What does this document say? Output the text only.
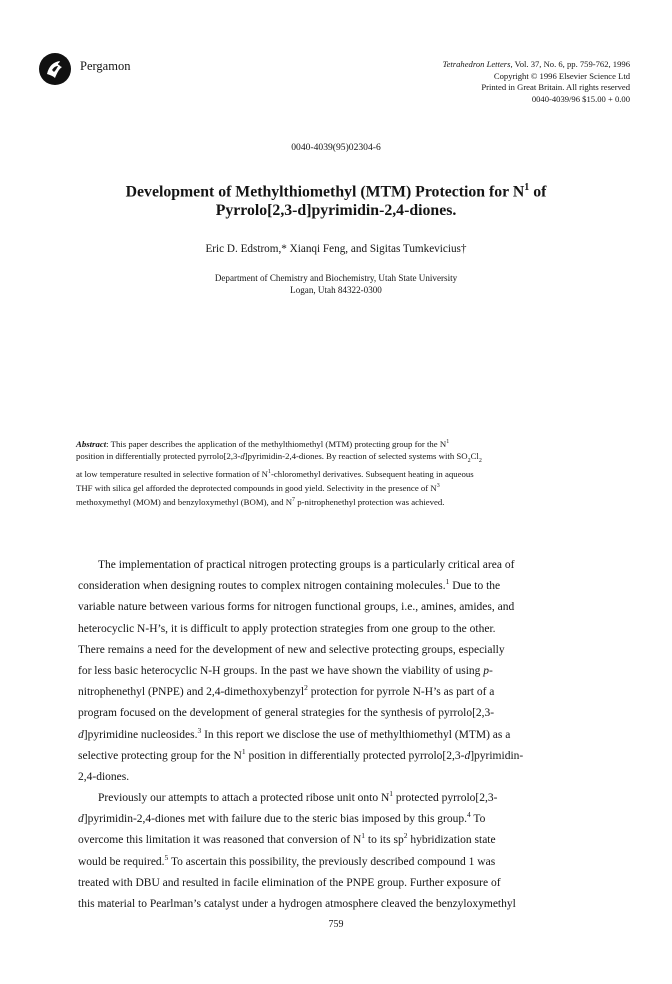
Pergamon	Tetrahedron Letters, Vol. 37, No. 6, pp. 759-762, 1996
Copyright © 1996 Elsevier Science Ltd
Printed in Great Britain. All rights reserved
0040-4039/96 $15.00 + 0.00
0040-4039(95)02304-6
Development of Methylthiomethyl (MTM) Protection for $N^1$ of
Pyrrolo[2,3-d]pyrimidin-2,4-diones.
Eric D. Edstrom,* Xianqi Feng, and Sigitas Tumkevicius†
Department of Chemistry and Biochemistry, Utah State University
Logan, Utah 84322-0300
Abstract: This paper describes the application of the methylthiomethyl (MTM) protecting group for the $N^1$
position in differentially protected pyrrolo[2,3-d]pyrimidin-2,4-diones. By reaction of selected systems with $SO_2Cl_2$
at low temperature resulted in selective formation of $N^1$-chloromethyl derivatives. Subsequent heating in aqueous
THF with silica gel afforded the deprotected compounds in good yield. Selectivity in the presence of $N^3$
methoxymethyl (MOM) and benzyloxymethyl (BOM), and $N^7$ p-nitrophenethyl protection was achieved.
The implementation of practical nitrogen protecting groups is a particularly critical area of
consideration when designing routes to complex nitrogen containing molecules.$^1$ Due to the
variable nature between various forms for nitrogen functional groups, i.e., amines, amides, and
heterocyclic N-H’s, it is difficult to apply protection strategies from one group to the other.
There remains a need for the development of new and selective protecting groups, especially
for less basic heterocyclic N-H groups. In the past we have shown the viability of using p-
nitrophenethyl (PNPE) and 2,4-dimethoxybenzyl$^2$ protection for pyrrole N-H’s as part of a
program focused on the development of general strategies for the synthesis of pyrrolo[2,3-
d]pyrimidine nucleosides.$^3$ In this report we disclose the use of methylthiomethyl (MTM) as a
selective protecting group for the $N^1$ position in differentially protected pyrrolo[2,3-d]pyrimidin-
2,4-diones.
Previously our attempts to attach a protected ribose unit onto $N^1$ protected pyrrolo[2,3-
d]pyrimidin-2,4-diones met with failure due to the steric bias imposed by this group.$^4$ To
overcome this limitation it was reasoned that conversion of $N^1$ to its $sp^2$ hybridization state
would be required.$^5$ To ascertain this possibility, the previously described compound 1 was
treated with DBU and resulted in facile elimination of the PNPE group. Further exposure of
this material to Pearlman’s catalyst under a hydrogen atmosphere cleaved the benzyloxymethyl
759
